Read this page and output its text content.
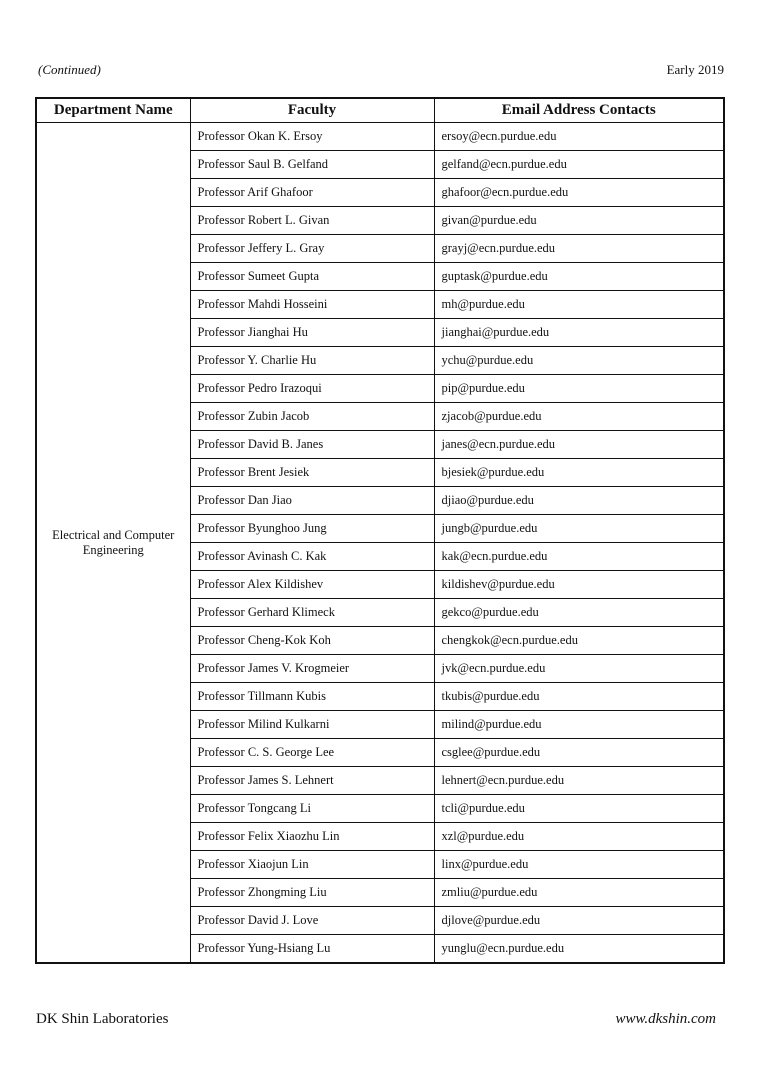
(Continued)	Early 2019
Department Name	Faculty	Email Address Contacts
Electrical and Computer Engineering	Professor Okan K. Ersoy	ersoy@ecn.purdue.edu
	Professor Saul B. Gelfand	gelfand@ecn.purdue.edu
	Professor Arif Ghafoor	ghafoor@ecn.purdue.edu
	Professor Robert L. Givan	givan@purdue.edu
	Professor Jeffery L. Gray	grayj@ecn.purdue.edu
	Professor Sumeet Gupta	guptask@purdue.edu
	Professor Mahdi Hosseini	mh@purdue.edu
	Professor Jianghai Hu	jianghai@purdue.edu
	Professor Y. Charlie Hu	ychu@purdue.edu
	Professor Pedro Irazoqui	pip@purdue.edu
	Professor Zubin Jacob	zjacob@purdue.edu
	Professor David B. Janes	janes@ecn.purdue.edu
	Professor Brent Jesiek	bjesiek@purdue.edu
	Professor Dan Jiao	djiao@purdue.edu
	Professor Byunghoo Jung	jungb@purdue.edu
	Professor Avinash C. Kak	kak@ecn.purdue.edu
	Professor Alex Kildishev	kildishev@purdue.edu
	Professor Gerhard Klimeck	gekco@purdue.edu
	Professor Cheng-Kok Koh	chengkok@ecn.purdue.edu
	Professor James V. Krogmeier	jvk@ecn.purdue.edu
	Professor Tillmann Kubis	tkubis@purdue.edu
	Professor Milind Kulkarni	milind@purdue.edu
	Professor C. S. George Lee	csglee@purdue.edu
	Professor James S. Lehnert	lehnert@ecn.purdue.edu
	Professor Tongcang Li	tcli@purdue.edu
	Professor Felix Xiaozhu Lin	xzl@purdue.edu
	Professor Xiaojun Lin	linx@purdue.edu
	Professor Zhongming Liu	zmliu@purdue.edu
	Professor David J. Love	djlove@purdue.edu
	Professor Yung-Hsiang Lu	yunglu@ecn.purdue.edu
DK Shin Laboratories	www.dkshin.com
